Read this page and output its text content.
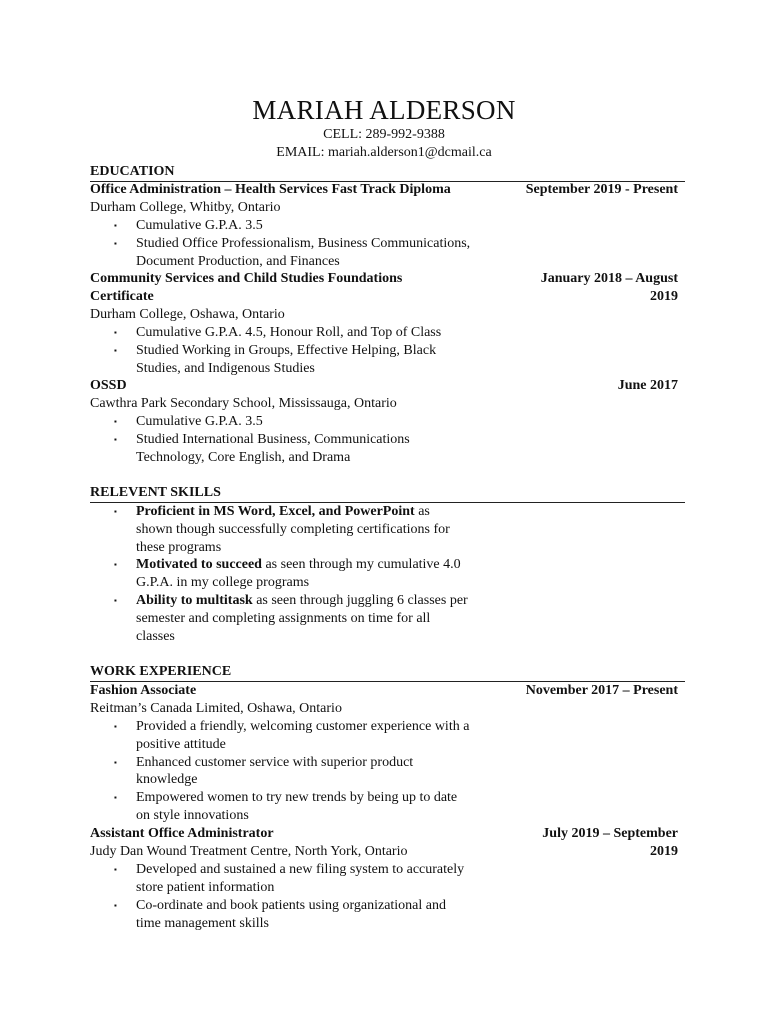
MARIAH ALDERSON
CELL: 289-992-9388
EMAIL: mariah.alderson1@dcmail.ca
EDUCATION
Office Administration – Health Services Fast Track Diploma	September 2019 - Present
Durham College, Whitby, Ontario
▪ Cumulative G.P.A. 3.5
▪ Studied Office Professionalism, Business Communications,
Document Production, and Finances
Community Services and Child Studies Foundations	January 2018 – August
Certificate	2019
Durham College, Oshawa, Ontario
▪ Cumulative G.P.A. 4.5, Honour Roll, and Top of Class
▪ Studied Working in Groups, Effective Helping, Black
Studies, and Indigenous Studies
OSSD	June 2017
Cawthra Park Secondary School, Mississauga, Ontario
▪ Cumulative G.P.A. 3.5
▪ Studied International Business, Communications
Technology, Core English, and Drama
RELEVENT SKILLS
▪ Proficient in MS Word, Excel, and PowerPoint as
shown though successfully completing certifications for
these programs
▪ Motivated to succeed as seen through my cumulative 4.0
G.P.A. in my college programs
▪ Ability to multitask as seen through juggling 6 classes per
semester and completing assignments on time for all
classes
WORK EXPERIENCE
Fashion Associate	November 2017 – Present
Reitman’s Canada Limited, Oshawa, Ontario
▪ Provided a friendly, welcoming customer experience with a
positive attitude
▪ Enhanced customer service with superior product
knowledge
▪ Empowered women to try new trends by being up to date
on style innovations
Assistant Office Administrator	July 2019 – September
Judy Dan Wound Treatment Centre, North York, Ontario	2019
▪ Developed and sustained a new filing system to accurately
store patient information
▪ Co-ordinate and book patients using organizational and
time management skills
